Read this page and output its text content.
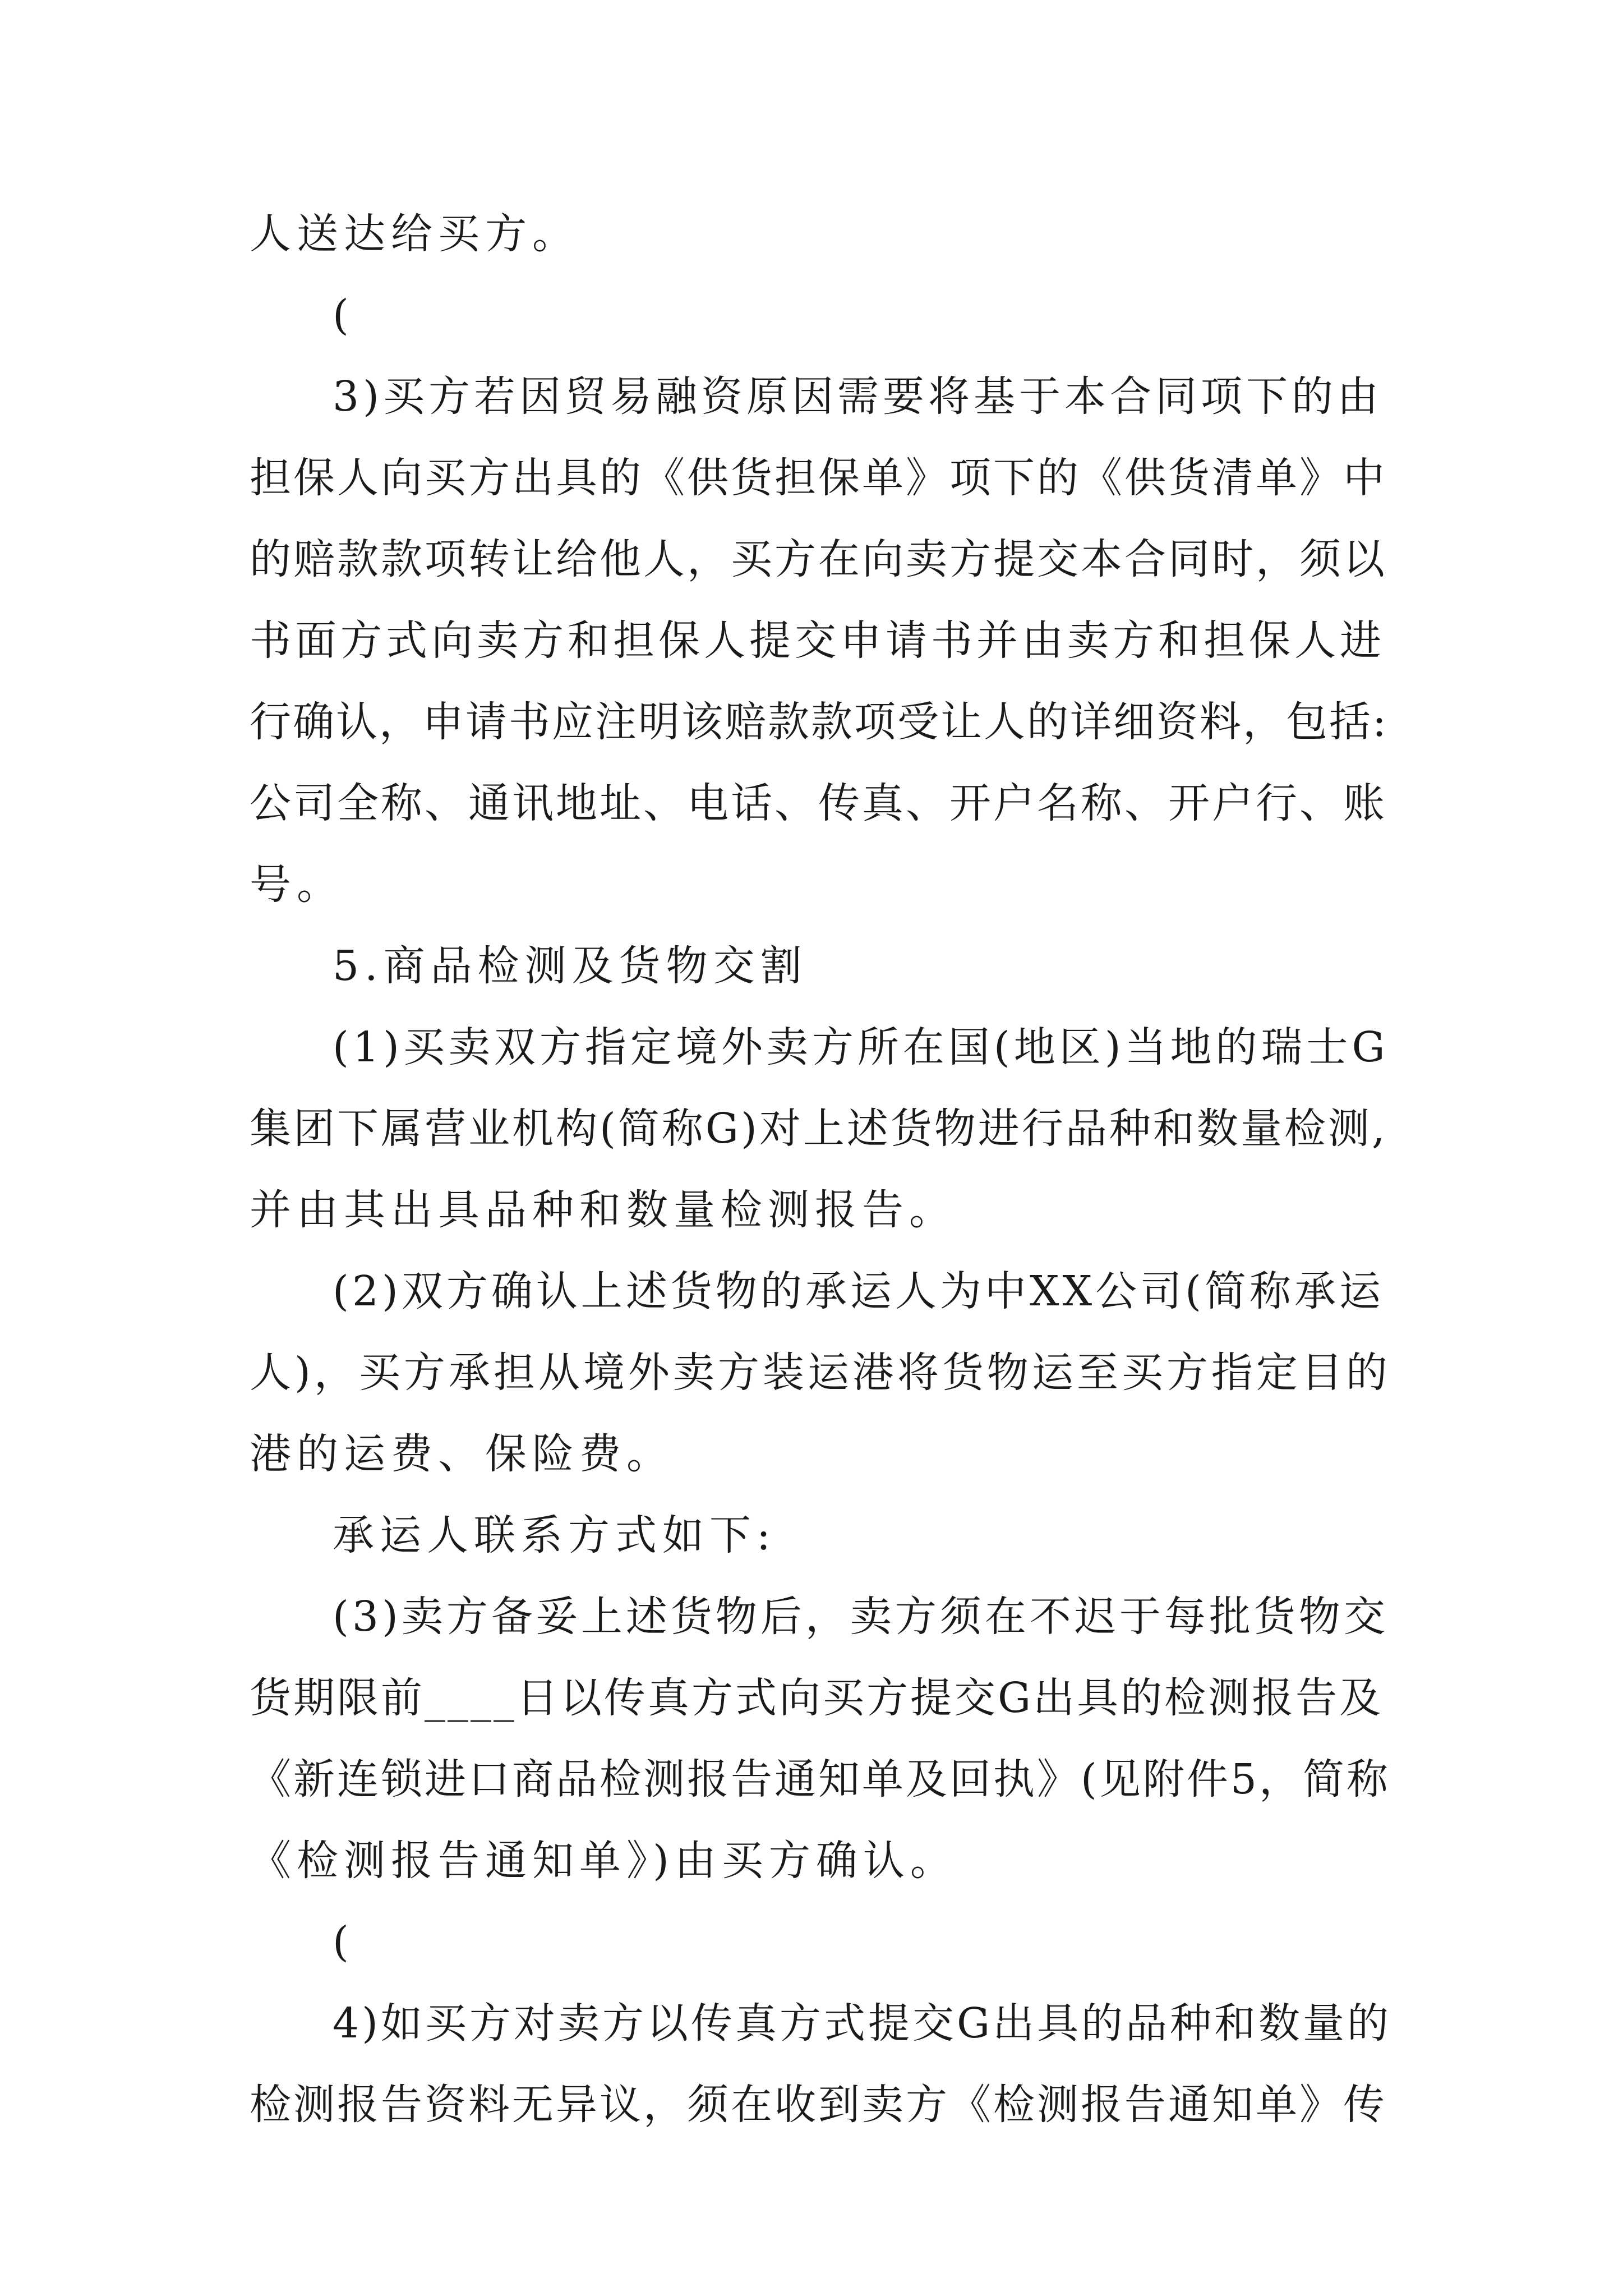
人送达给买方。
(
3)买方若因贸易融资原因需要将基于本合同项下的由
担保人向买方出具的《供货担保单》项下的《供货清单》中
的赔款款项转让给他人，买方在向卖方提交本合同时，须以
书面方式向卖方和担保人提交申请书并由卖方和担保人进
行确认，申请书应注明该赔款款项受让人的详细资料，包括:
公司全称、通讯地址、电话、传真、开户名称、开户行、账
号。
5.商品检测及货物交割
(1)买卖双方指定境外卖方所在国(地区)当地的瑞士G
集团下属营业机构(简称G)对上述货物进行品种和数量检测,
并由其出具品种和数量检测报告。
(2)双方确认上述货物的承运人为中XX公司(简称承运
人)，买方承担从境外卖方装运港将货物运至买方指定目的
港的运费、保险费。
承运人联系方式如下:
(3)卖方备妥上述货物后，卖方须在不迟于每批货物交
货期限前____日以传真方式向买方提交G出具的检测报告及
《新连锁进口商品检测报告通知单及回执》(见附件5，简称
《检测报告通知单》)由买方确认。
(
4)如买方对卖方以传真方式提交G出具的品种和数量的
检测报告资料无异议，须在收到卖方《检测报告通知单》传
